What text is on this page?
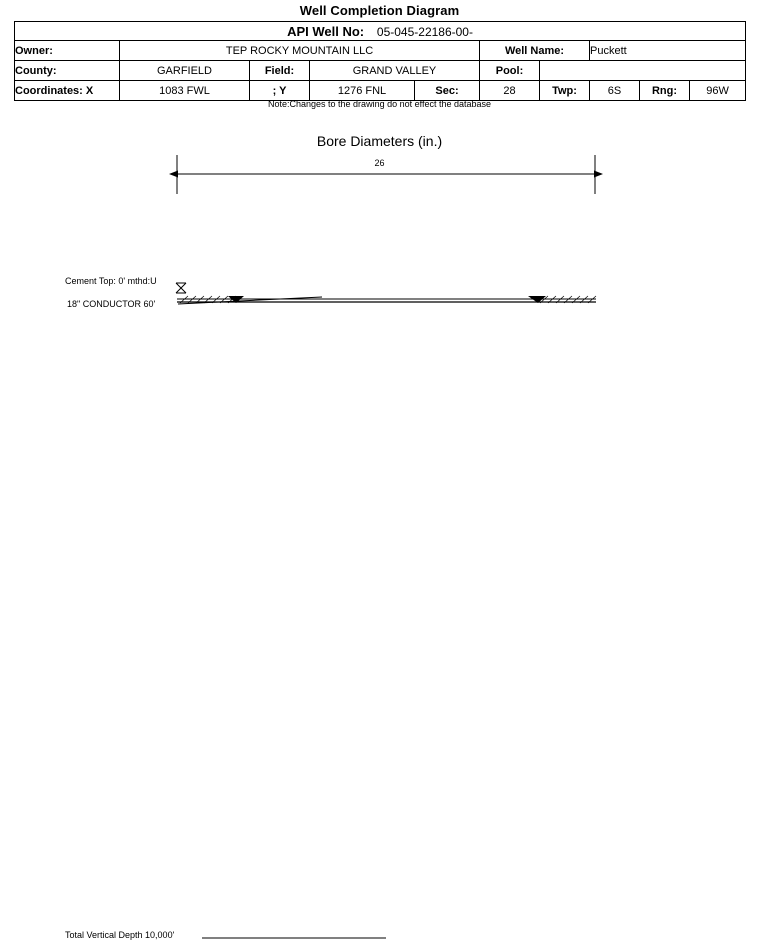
Well Completion Diagram
API Well No: 05-045-22186-00-									
Owner:	TEP ROCKY MOUNTAIN LLC				Well Name:		Puckett		
County:	GARFIELD	Field:	GRAND VALLEY		Pool:				
Coordinates: X	1083 FWL	; Y	1276 FNL	Sec:	28	Twp:	6S	Rng:	96W
Note:Changes to the drawing do not effect the database
Bore Diameters (in.)
26
Cement Top: 0' mthd:U
18" CONDUCTOR 60'
Total Vertical Depth 10,000'
